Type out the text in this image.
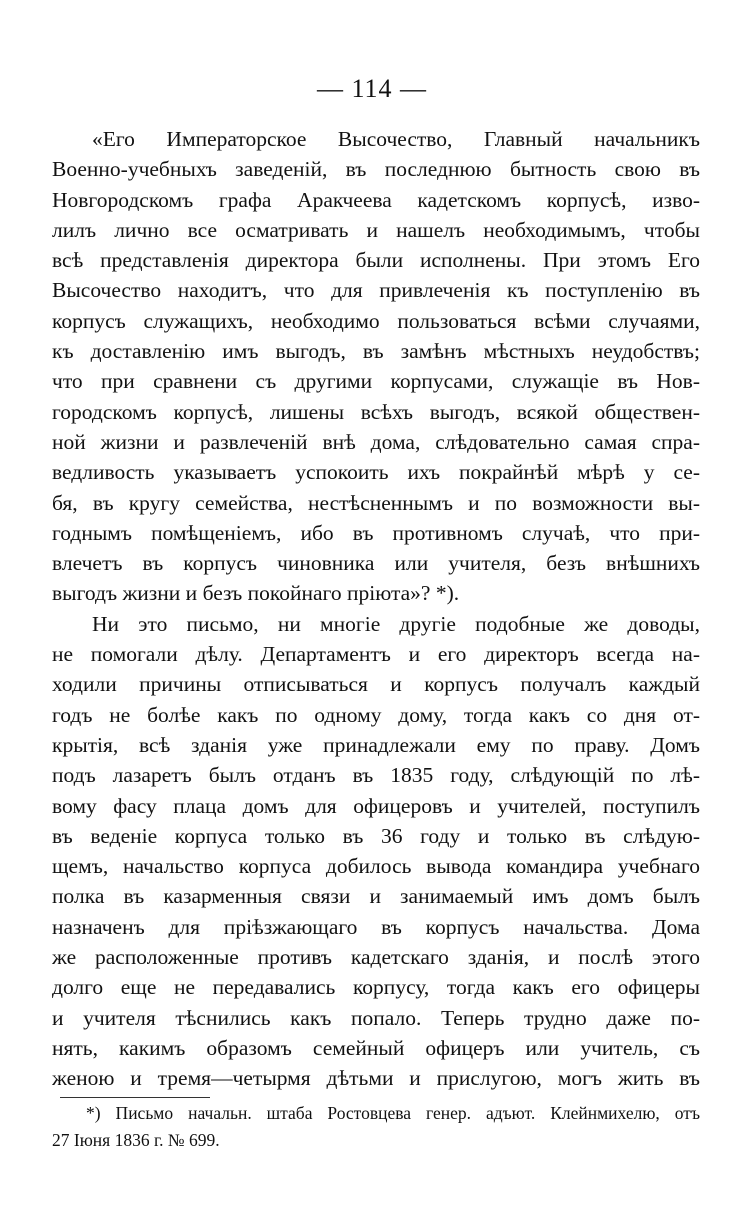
— 114 —
«Его Императорское Высочество, Главный начальникъ
Военно-учебныхъ заведеній, въ последнюю бытность свою въ
Новгородскомъ графа Аракчеева кадетскомъ корпусѣ, изво-
лилъ лично все осматривать и нашелъ необходимымъ, чтобы
всѣ представленія директора были исполнены. При этомъ Его
Высочество находитъ, что для привлеченія къ поступленію въ
корпусъ служащихъ, необходимо пользоваться всѣми случаями,
къ доставленію имъ выгодъ, въ замѣнъ мѣстныхъ неудобствъ;
что при сравнени съ другими корпусами, служащіе въ Нов-
городскомъ корпусѣ, лишены всѣхъ выгодъ, всякой обществен-
ной жизни и развлеченій внѣ дома, слѣдовательно самая спра-
ведливость указываетъ успокоить ихъ покрайнѣй мѣрѣ у се-
бя, въ кругу семейства, нестѣсненнымъ и по возможности вы-
годнымъ помѣщеніемъ, ибо въ противномъ случаѣ, что при-
влечетъ въ корпусъ чиновника или учителя, безъ внѣшнихъ
выгодъ жизни и безъ покойнаго пріюта»? *).
Ни это письмо, ни многіе другіе подобные же доводы,
не помогали дѣлу. Департаментъ и его директоръ всегда на-
ходили причины отписываться и корпусъ получалъ каждый
годъ не болѣе какъ по одному дому, тогда какъ со дня от-
крытія, всѣ зданія уже принадлежали ему по праву. Домъ
подъ лазаретъ былъ отданъ въ 1835 году, слѣдующій по лѣ-
вому фасу плаца домъ для офицеровъ и учителей, поступилъ
въ веденіе корпуса только въ 36 году и только въ слѣдую-
щемъ, начальство корпуса добилось вывода командира учебнаго
полка въ казарменныя связи и занимаемый имъ домъ былъ
назначенъ для пріѣзжающаго въ корпусъ начальства. Дома
же расположенные противъ кадетскаго зданія, и послѣ этого
долго еще не передавались корпусу, тогда какъ его офицеры
и учителя тѣснились какъ попало. Теперь трудно даже по-
нять, какимъ образомъ семейный офицеръ или учитель, съ
женою и тремя—четырмя дѣтьми и прислугою, могъ жить въ
*) Письмо начальн. штаба Ростовцева генер. адъют. Клейнмихелю, отъ
27 Іюня 1836 г. № 699.
